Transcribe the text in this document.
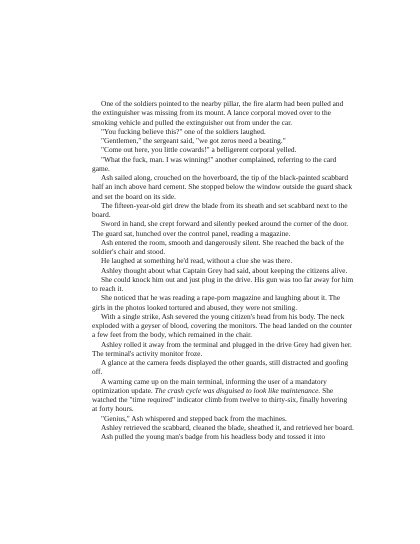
One of the soldiers pointed to the nearby pillar, the fire alarm had been pulled and the extinguisher was missing from its mount. A lance corporal moved over to the smoking vehicle and pulled the extinguisher out from under the car.

"You fucking believe this?" one of the soldiers laughed.

"Gentlemen," the sergeant said, "we got zeros need a beating."

"Come out here, you little cowards!" a belligerent corporal yelled.

"What the fuck, man. I was winning!" another complained, referring to the card game.

Ash sailed along, crouched on the hoverboard, the tip of the black-painted scabbard half an inch above hard cement. She stopped below the window outside the guard shack and set the board on its side.

The fifteen-year-old girl drew the blade from its sheath and set scabbard next to the board.

Sword in hand, she crept forward and silently peeked around the corner of the door. The guard sat, hunched over the control panel, reading a magazine.

Ash entered the room, smooth and dangerously silent. She reached the back of the soldier's chair and stood.

He laughed at something he'd read, without a clue she was there.

Ashley thought about what Captain Grey had said, about keeping the citizens alive.

She could knock him out and just plug in the drive. His gun was too far away for him to reach it.

She noticed that he was reading a rape-porn magazine and laughing about it. The girls in the photos looked tortured and abused, they were not smiling.

With a single strike, Ash severed the young citizen's head from his body. The neck exploded with a geyser of blood, covering the monitors. The head landed on the counter a few feet from the body, which remained in the chair.

Ashley rolled it away from the terminal and plugged in the drive Grey had given her. The terminal's activity monitor froze.

A glance at the camera feeds displayed the other guards, still distracted and goofing off.

A warning came up on the main terminal, informing the user of a mandatory optimization update. The crash cycle was disguised to look like maintenance. She watched the "time required" indicator climb from twelve to thirty-six, finally hovering at forty hours.

"Genius," Ash whispered and stepped back from the machines.

Ashley retrieved the scabbard, cleaned the blade, sheathed it, and retrieved her board.

Ash pulled the young man's badge from his headless body and tossed it into
